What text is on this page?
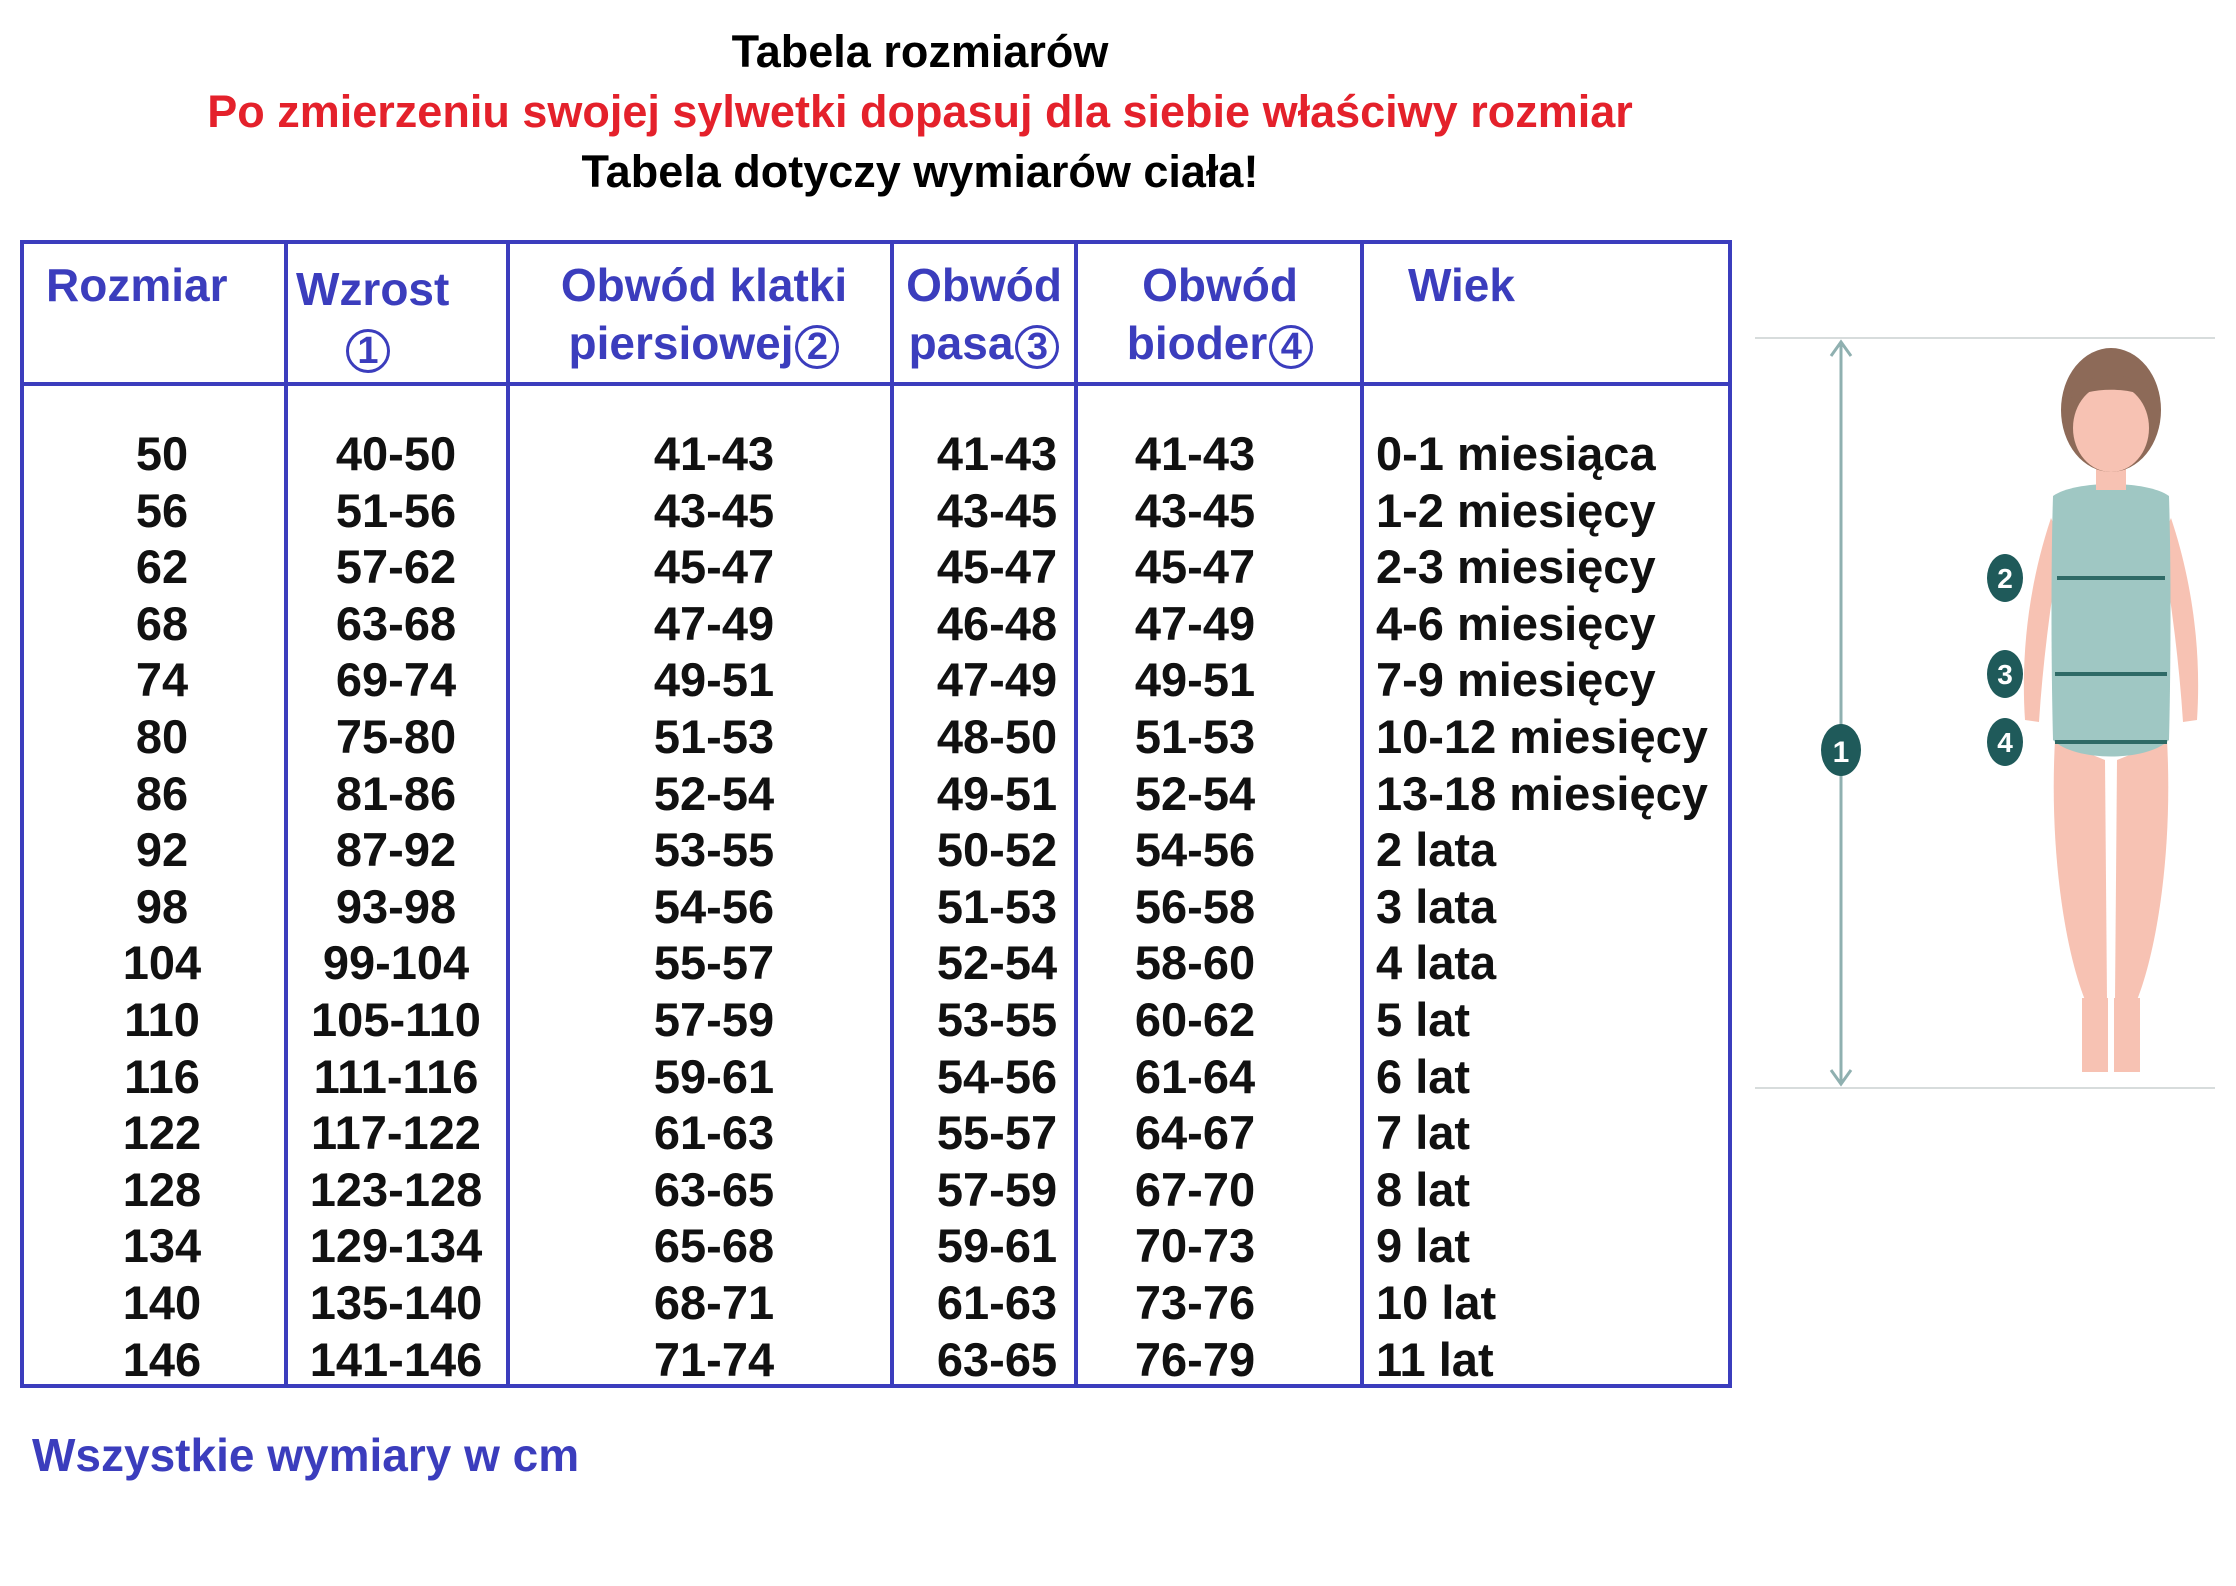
Tabela rozmiarów
Po zmierzeniu swojej sylwetki dopasuj dla siebie właściwy rozmiar
Tabela dotyczy wymiarów ciała!
Rozmiar Wzrost
1
Obwód klatki
piersiowej 2
Obwód
pasa 3
Obwód
bioder 4
Wiek
50
56
62
68
74
80
86
92
98
104
110
116
122
128
134
140
146
40-50
51-56
57-62
63-68
69-74
75-80
81-86
87-92
93-98
99-104
105-110
111-116
117-122
123-128
129-134
135-140
141-146
41-43
43-45
45-47
47-49
49-51
51-53
52-54
53-55
54-56
55-57
57-59
59-61
61-63
63-65
65-68
68-71
71-74
41-43
43-45
45-47
46-48
47-49
48-50
49-51
50-52
51-53
52-54
53-55
54-56
55-57
57-59
59-61
61-63
63-65
41-43
43-45
45-47
47-49
49-51
51-53
52-54
54-56
56-58
58-60
60-62
61-64
64-67
67-70
70-73
73-76
76-79
0-1 miesiąca
1-2 miesięcy
2-3 miesięcy
4-6 miesięcy
7-9 miesięcy
10-12 miesięcy
13-18 miesięcy
2 lata
3 lata
4 lata
5 lat
6 lat
7 lat
8 lat
9 lat
10 lat
11 lat
Wszystkie wymiary w cm
1
2
3
4
